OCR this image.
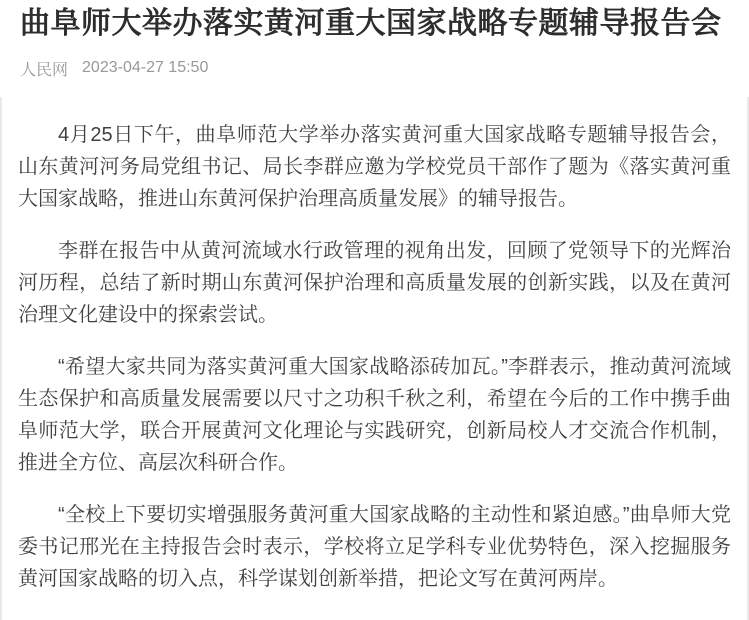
曲阜师大举办落实黄河重大国家战略专题辅导报告会
人民网 2023-04-27 15:50

4月25日下午，曲阜师范大学举办落实黄河重大国家战略专题辅导报告会，山东黄河河务局党组书记、局长李群应邀为学校党员干部作了题为《落实黄河重大国家战略，推进山东黄河保护治理高质量发展》的辅导报告。

李群在报告中从黄河流域水行政管理的视角出发，回顾了党领导下的光辉治河历程，总结了新时期山东黄河保护治理和高质量发展的创新实践，以及在黄河治理文化建设中的探索尝试。

“希望大家共同为落实黄河重大国家战略添砖加瓦。”李群表示，推动黄河流域生态保护和高质量发展需要以尺寸之功积千秋之利，希望在今后的工作中携手曲阜师范大学，联合开展黄河文化理论与实践研究，创新局校人才交流合作机制，推进全方位、高层次科研合作。

“全校上下要切实增强服务黄河重大国家战略的主动性和紧迫感。”曲阜师大党委书记邢光在主持报告会时表示，学校将立足学科专业优势特色，深入挖掘服务黄河国家战略的切入点，科学谋划创新举措，把论文写在黄河两岸。
